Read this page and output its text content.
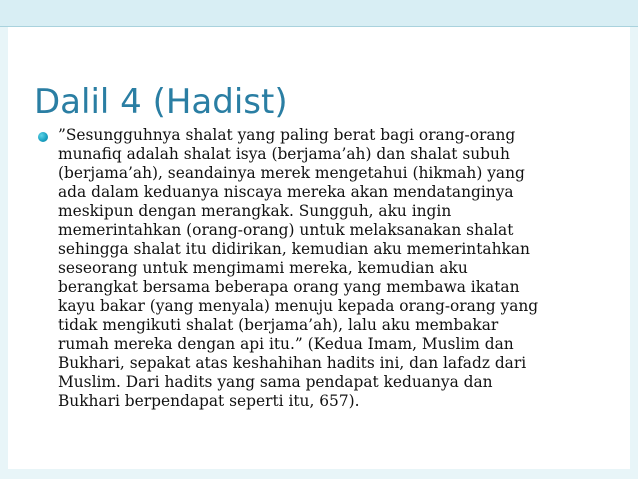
Dalil 4 (Hadist)

”Sesungguhnya shalat yang paling berat bagi orang-orang
munafiq adalah shalat isya (berjama’ah) dan shalat subuh
(berjama’ah), seandainya merek mengetahui (hikmah) yang
ada dalam keduanya niscaya mereka akan mendatanginya
meskipun dengan merangkak. Sungguh, aku ingin
memerintahkan (orang-orang) untuk melaksanakan shalat
sehingga shalat itu didirikan, kemudian aku memerintahkan
seseorang untuk mengimami mereka, kemudian aku
berangkat bersama beberapa orang yang membawa ikatan
kayu bakar (yang menyala) menuju kepada orang-orang yang
tidak mengikuti shalat (berjama’ah), lalu aku membakar
rumah mereka dengan api itu.” (Kedua Imam, Muslim dan
Bukhari, sepakat atas keshahihan hadits ini, dan lafadz dari
Muslim. Dari hadits yang sama pendapat keduanya dan
Bukhari berpendapat seperti itu, 657).
